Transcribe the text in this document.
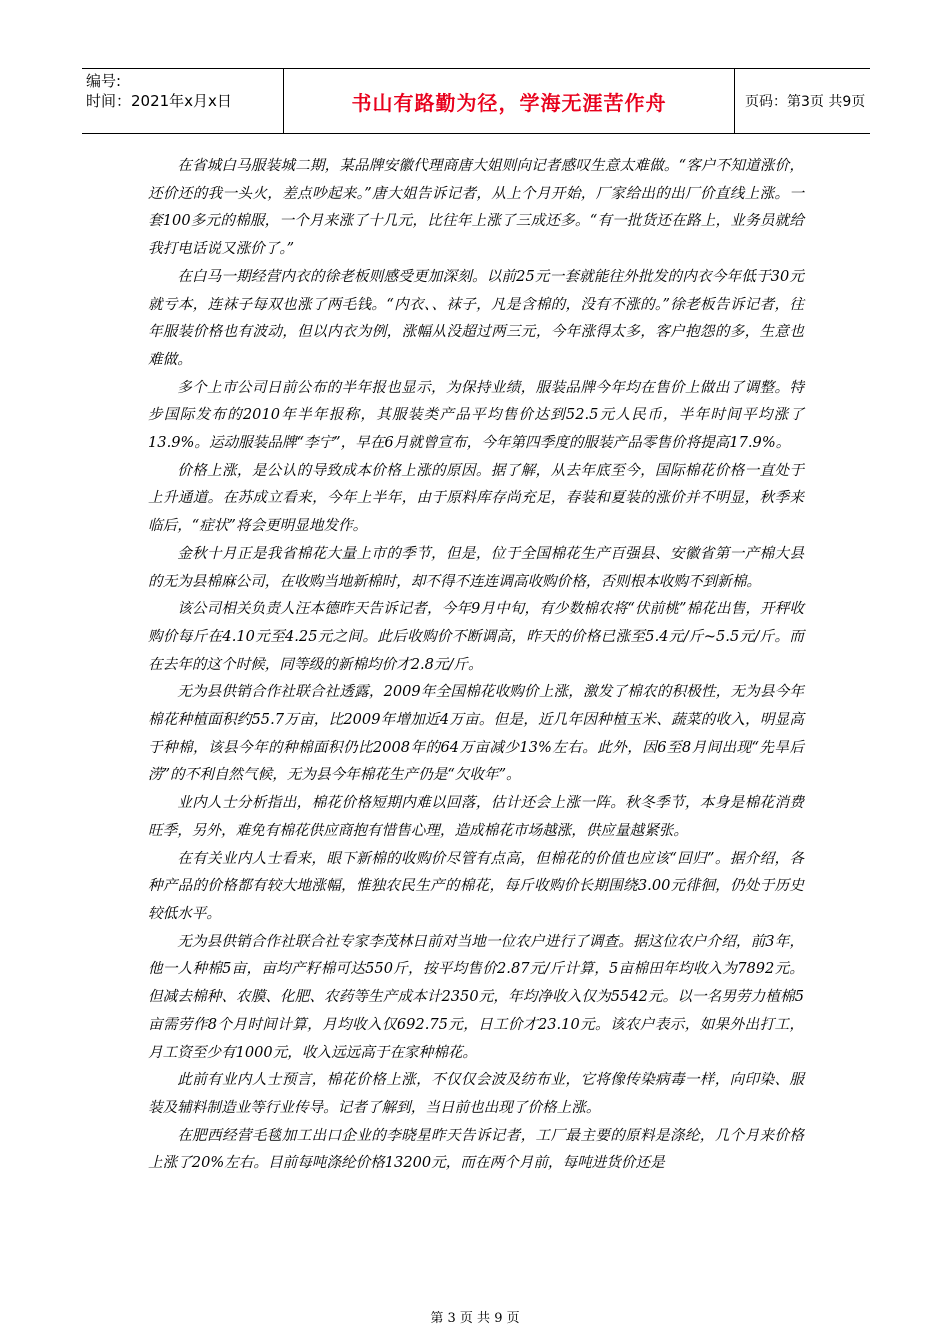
编号:
时间：2021年x月x日	书山有路勤为径，学海无涯苦作舟	页码：第3页 共9页

在省城白马服装城二期，某品牌安徽代理商唐大姐则向记者感叹生意太难做。“客户不知道涨价，还价还的我一头火，差点吵起来。”唐大姐告诉记者，从上个月开始，厂家给出的出厂价直线上涨。一套100多元的棉服，一个月来涨了十几元，比往年上涨了三成还多。“有一批货还在路上，业务员就给我打电话说又涨价了。”

在白马一期经营内衣的徐老板则感受更加深刻。以前25元一套就能往外批发的内衣今年低于30元就亏本，连袜子每双也涨了两毛钱。“内衣、、袜子，凡是含棉的，没有不涨的。”徐老板告诉记者，往年服装价格也有波动，但以内衣为例，涨幅从没超过两三元，今年涨得太多，客户抱怨的多，生意也难做。

多个上市公司日前公布的半年报也显示，为保持业绩，服装品牌今年均在售价上做出了调整。特步国际发布的2010年半年报称，其服装类产品平均售价达到52.5元人民币，半年时间平均涨了13.9%。运动服装品牌“李宁”，早在6月就曾宣布，今年第四季度的服装产品零售价将提高17.9%。

价格上涨，是公认的导致成本价格上涨的原因。据了解，从去年底至今，国际棉花价格一直处于上升通道。在苏成立看来，今年上半年，由于原料库存尚充足，春装和夏装的涨价并不明显，秋季来临后，“症状”将会更明显地发作。

金秋十月正是我省棉花大量上市的季节，但是，位于全国棉花生产百强县、安徽省第一产棉大县的无为县棉麻公司，在收购当地新棉时，却不得不连连调高收购价格，否则根本收购不到新棉。

该公司相关负责人汪本德昨天告诉记者，今年9月中旬，有少数棉农将“伏前桃”棉花出售，开秤收购价每斤在4.10元至4.25元之间。此后收购价不断调高，昨天的价格已涨至5.4元/斤~5.5元/斤。而在去年的这个时候，同等级的新棉均价才2.8元/斤。

无为县供销合作社联合社透露，2009年全国棉花收购价上涨，激发了棉农的积极性，无为县今年棉花种植面积约55.7万亩，比2009年增加近4万亩。但是，近几年因种植玉米、蔬菜的收入，明显高于种棉，该县今年的种棉面积仍比2008年的64万亩减少13%左右。此外，因6至8月间出现“先旱后涝”的不利自然气候，无为县今年棉花生产仍是“欠收年”。

业内人士分析指出，棉花价格短期内难以回落，估计还会上涨一阵。秋冬季节，本身是棉花消费旺季，另外，难免有棉花供应商抱有惜售心理，造成棉花市场越涨，供应量越紧张。

在有关业内人士看来，眼下新棉的收购价尽管有点高，但棉花的价值也应该“回归”。据介绍，各种产品的价格都有较大地涨幅，惟独农民生产的棉花，每斤收购价长期围绕3.00元徘徊，仍处于历史较低水平。

无为县供销合作社联合社专家李茂林日前对当地一位农户进行了调查。据这位农户介绍，前3年，他一人种棉5亩，亩均产籽棉可达550斤，按平均售价2.87元/斤计算，5亩棉田年均收入为7892元。但减去棉种、农膜、化肥、农药等生产成本计2350元，年均净收入仅为5542元。以一名男劳力植棉5亩需劳作8个月时间计算，月均收入仅692.75元，日工价才23.10元。该农户表示，如果外出打工，月工资至少有1000元，收入远远高于在家种棉花。

此前有业内人士预言，棉花价格上涨，不仅仅会波及纺布业，它将像传染病毒一样，向印染、服装及辅料制造业等行业传导。记者了解到，当日前也出现了价格上涨。

在肥西经营毛毯加工出口企业的李晓星昨天告诉记者，工厂最主要的原料是涤纶，几个月来价格上涨了20%左右。目前每吨涤纶价格13200元，而在两个月前，每吨进货价还是

第 3 页 共 9 页
